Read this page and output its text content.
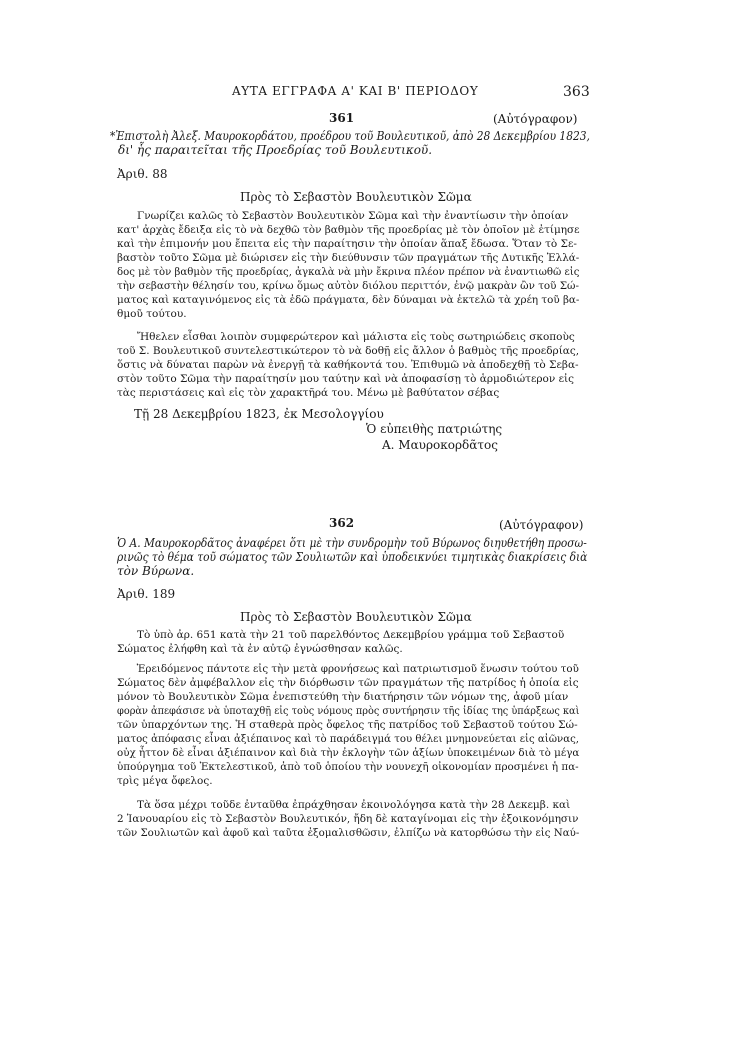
ΑΥΤΑ ΕΓΓΡΑΦΑ Α' ΚΑΙ Β' ΠΕΡΙΟΔΟΥ	363
361	(Αὐτόγραφον)
*Ἐπιστολὴ Ἀλεξ. Μαυροκορδάτου, προέδρου τοῦ Βουλευτικοῦ, ἀπὸ 28 Δεκεμβρίου 1823,
δι' ἧς παραιτεῖται τῆς Προεδρίας τοῦ Βουλευτικοῦ.
Ἀριθ. 88
Πρὸς τὸ Σεβαστὸν Βουλευτικὸν Σῶμα
Γνωρίζει καλῶς τὸ Σεβαστὸν Βουλευτικὸν Σῶμα καὶ τὴν ἐναντίωσιν τὴν ὁποίαν
κατ' ἀρχὰς ἔδειξα εἰς τὸ νὰ δεχθῶ τὸν βαθμὸν τῆς προεδρίας μὲ τὸν ὁποῖον μὲ ἐτίμησε
καὶ τὴν ἐπιμονήν μου ἔπειτα εἰς τὴν παραίτησιν τὴν ὁποίαν ἅπαξ ἔδωσα. Ὅταν τὸ Σε-
βαστὸν τοῦτο Σῶμα μὲ διώρισεν εἰς τὴν διεύθυνσιν τῶν πραγμάτων τῆς Δυτικῆς Ἑλλά-
δος μὲ τὸν βαθμὸν τῆς προεδρίας, ἀγκαλὰ νὰ μὴν ἔκρινα πλέον πρέπον νὰ ἐναντιωθῶ εἰς
τὴν σεβαστὴν θέλησίν του, κρίνω ὅμως αὐτὸν διόλου περιττόν, ἐνῷ μακρὰν ὢν τοῦ Σώ-
ματος καὶ καταγινόμενος εἰς τὰ ἐδῶ πράγματα, δὲν δύναμαι νὰ ἐκτελῶ τὰ χρέη τοῦ βα-
θμοῦ τούτου.
Ἤθελεν εἶσθαι λοιπὸν συμφερώτερον καὶ μάλιστα εἰς τοὺς σωτηριώδεις σκοποὺς
τοῦ Σ. Βουλευτικοῦ συντελεστικώτερον τὸ νὰ δοθῇ εἰς ἄλλον ὁ βαθμὸς τῆς προεδρίας,
ὅστις νὰ δύναται παρὼν νὰ ἐνεργῇ τὰ καθήκοντά του. Ἐπιθυμῶ νὰ ἀποδεχθῇ τὸ Σεβα-
στὸν τοῦτο Σῶμα τὴν παραίτησίν μου ταύτην καὶ νὰ ἀποφασίσῃ τὸ ἁρμοδιώτερον εἰς
τὰς περιστάσεις καὶ εἰς τὸν χαρακτῆρά του. Μένω μὲ βαθύτατον σέβας
Τῇ 28 Δεκεμβρίου 1823, ἐκ Μεσολογγίου
Ὁ εὐπειθὴς πατριώτης
Α. Μαυροκορδᾶτος
362	(Αὐτόγραφον)
Ὁ Α. Μαυροκορδᾶτος ἀναφέρει ὅτι μὲ τὴν συνδρομὴν τοῦ Βύρωνος διηυθετήθη προσω-
ρινῶς τὸ θέμα τοῦ σώματος τῶν Σουλιωτῶν καὶ ὑποδεικνύει τιμητικὰς διακρίσεις διὰ
τὸν Βύρωνα.
Ἀριθ. 189
Πρὸς τὸ Σεβαστὸν Βουλευτικὸν Σῶμα
Τὸ ὑπὸ ἀρ. 651 κατὰ τὴν 21 τοῦ παρελθόντος Δεκεμβρίου γράμμα τοῦ Σεβαστοῦ
Σώματος ἐλήφθη καὶ τὰ ἐν αὐτῷ ἐγνώσθησαν καλῶς.
Ἐρειδόμενος πάντοτε εἰς τὴν μετὰ φρονήσεως καὶ πατριωτισμοῦ ἕνωσιν τούτου τοῦ
Σώματος δὲν ἀμφέβαλλον εἰς τὴν διόρθωσιν τῶν πραγμάτων τῆς πατρίδος ἡ ὁποία εἰς
μόνον τὸ Βουλευτικὸν Σῶμα ἐνεπιστεύθη τὴν διατήρησιν τῶν νόμων της, ἀφοῦ μίαν
φορὰν ἀπεφάσισε νὰ ὑποταχθῇ εἰς τοὺς νόμους πρὸς συντήρησιν τῆς ἰδίας της ὑπάρξεως καὶ
τῶν ὑπαρχόντων της. Ἡ σταθερὰ πρὸς ὄφελος τῆς πατρίδος τοῦ Σεβαστοῦ τούτου Σώ-
ματος ἀπόφασις εἶναι ἀξιέπαινος καὶ τὸ παράδειγμά του θέλει μνημονεύεται εἰς αἰῶνας,
οὐχ ἧττον δὲ εἶναι ἀξιέπαινον καὶ διὰ τὴν ἐκλογὴν τῶν ἀξίων ὑποκειμένων διὰ τὸ μέγα
ὑπούργημα τοῦ Ἐκτελεστικοῦ, ἀπὸ τοῦ ὁποίου τὴν νουνεχῆ οἰκονομίαν προσμένει ἡ πα-
τρὶς μέγα ὄφελος.
Τὰ ὅσα μέχρι τοῦδε ἐνταῦθα ἐπράχθησαν ἐκοινολόγησα κατὰ τὴν 28 Δεκεμβ. καὶ
2 Ἰανουαρίου εἰς τὸ Σεβαστὸν Βουλευτικόν, ἤδη δὲ καταγίνομαι εἰς τὴν ἐξοικονόμησιν
τῶν Σουλιωτῶν καὶ ἀφοῦ καὶ ταῦτα ἐξομαλισθῶσιν, ἐλπίζω νὰ κατορθώσω τὴν εἰς Ναύ-
